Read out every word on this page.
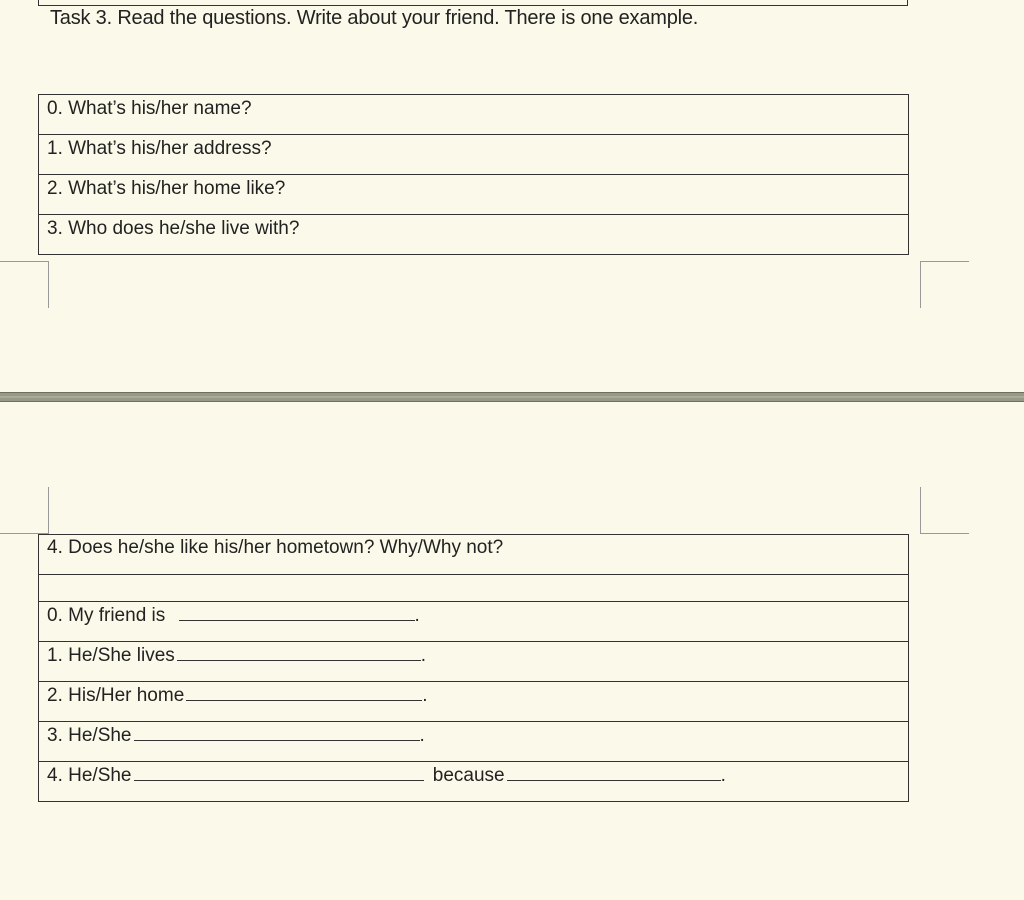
Task 3. Read the questions. Write about your friend. There is one example.
0. What’s his/her name?
1. What’s his/her address?
2. What’s his/her home like?
3. Who does he/she live with?
4. Does he/she like his/her hometown? Why/Why not?

0. My friend is	.
1. He/She lives	.
2. His/Her home	.
3. He/She	.
4. He/She	because	.
